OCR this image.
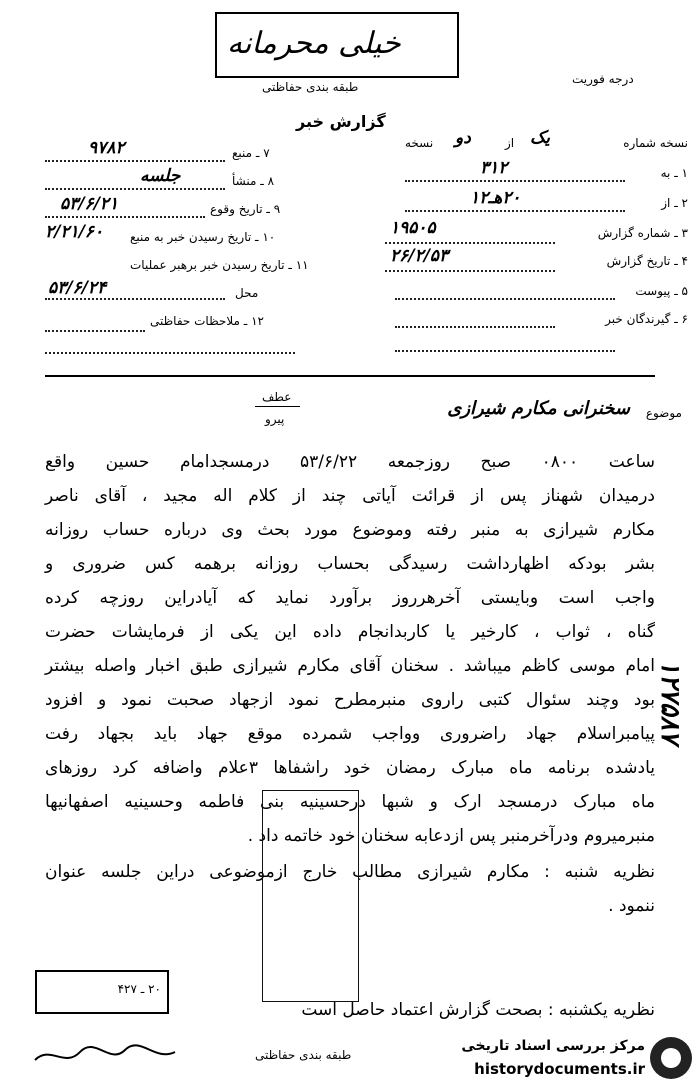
خیلی محرمانه
طبقه بندی حفاظتی
درجه فوریت
گزارش خبر
نسخه شماره
یک
از
دو
نسخه
۱ ـ به
۳۱۲
۲ ـ از
۲۰هـ۱۲
۳ ـ شماره گزارش
۱۹۵۰۵
۴ ـ تاریخ گزارش
۲۶/۲/۵۳
۵ ـ پیوست
۶ ـ گیرندگان خبر
۷ ـ منبع
۹۷۸۲
۸ ـ منشأ
جلسه
۹ ـ تاریخ وقوع
۵۳/۶/۲۱
۱۰ ـ تاریخ رسیدن خبر به منبع
۲/۲۱/۶۰
۱۱ ـ تاریخ رسیدن خبر برهبر عملیات
محل
۵۳/۶/۲۴
۱۲ ـ ملاحظات حفاظتی
موضوع
سخنرانی مکارم شیرازی
عطف
پیرو
ساعت ۰۸۰۰ صبح روزجمعه ۵۳/۶/۲۲ درمسجدامام حسین واقع
درمیدان شهناز پس از قرائت آیاتی چند از کلام اله مجید ، آقای ناصر
مکارم شیرازی به منبر رفته وموضوع مورد بحث وی درباره حساب روزانه
بشر بودکه اظهارداشت رسیدگی بحساب روزانه برهمه کس ضروری و
واجب است وبایستی آخرهرروز برآورد نماید که آیادراین روزچه کرده
گناه ، ثواب ، کارخیر یا کاربدانجام داده این یکی از فرمایشات حضرت
امام موسی کاظم میباشد . سخنان آقای مکارم شیرازی طبق اخبار واصله بیشتر
بود وچند سئوال کتبی راروی منبرمطرح نمود ازجهاد صحبت نمود و افزود
پیامبراسلام جهاد راضروری وواجب شمرده موقع جهاد باید بجهاد رفت
یادشده برنامه ماه مبارک رمضان خود راشفاها ۳علام واضافه کرد روزهای
ماه مبارک درمسجد ارک و شبها درحسینیه بنی فاطمه وحسینیه اصفهانیها
منبرمیروم ودرآخرمنبر پس ازدعابه سخنان خود خاتمه داد .
نظریه شنبه : مکارم شیرازی مطالب خارج ازموضوعی دراین جلسه عنوان
ننمود .
نظریه یکشنبه : بصحت گزارش اعتماد حاصل است
۲۰ ـ ۴۲۷
۱۲۷۵۸۷
طبقه بندی حفاظتی
مرکز بررسی اسناد تاریخی
historydocuments.ir
